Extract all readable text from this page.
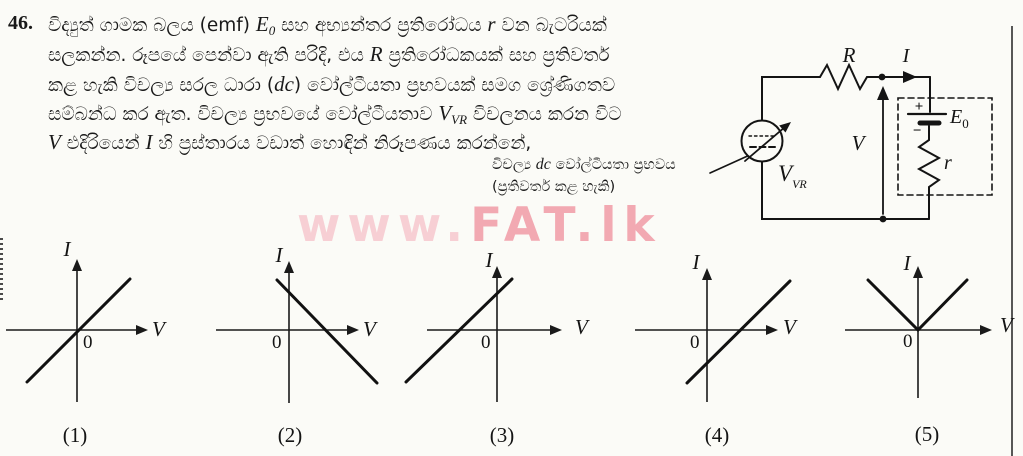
46. විද්‍යුත් ගාමක බලය (emf) $E_0$ සහ අභ්‍යන්තර ප්‍රතිරෝධය r වන බැටරියක්
සලකන්න. රූපයේ පෙන්වා ඇති පරිදි, එය R ප්‍රතිරෝධකයක් සහ ප්‍රතිවර්ත
කළ හැකි විචල්‍ය සරල ධාරා (dc) වෝල්ටීයතා ප්‍රභවයක් සමග ශ්‍රේණිගතව
සම්බන්ධ කර ඇත. විචල්‍ය ප්‍රභවයේ වෝල්ටීයතාව $V_{VR}$ විචලනය කරන විට
V එදිරියෙන් I හි ප්‍රස්තාරය වඩාත් හොඳින් නිරූපණය කරන්නේ,
විචල්‍ය dc වෝල්ටීයතා ප්‍රභවය
(ප්‍රතිවර්ත කළ හැකි)
www.FAT.lk
R I
V
+
−
$E_0$
r
$V_{VR}$
I
V
0
(1)
I
V
0
(2)
I
V
0
(3)
I
V
0
(4)
I
V
0
(5)
